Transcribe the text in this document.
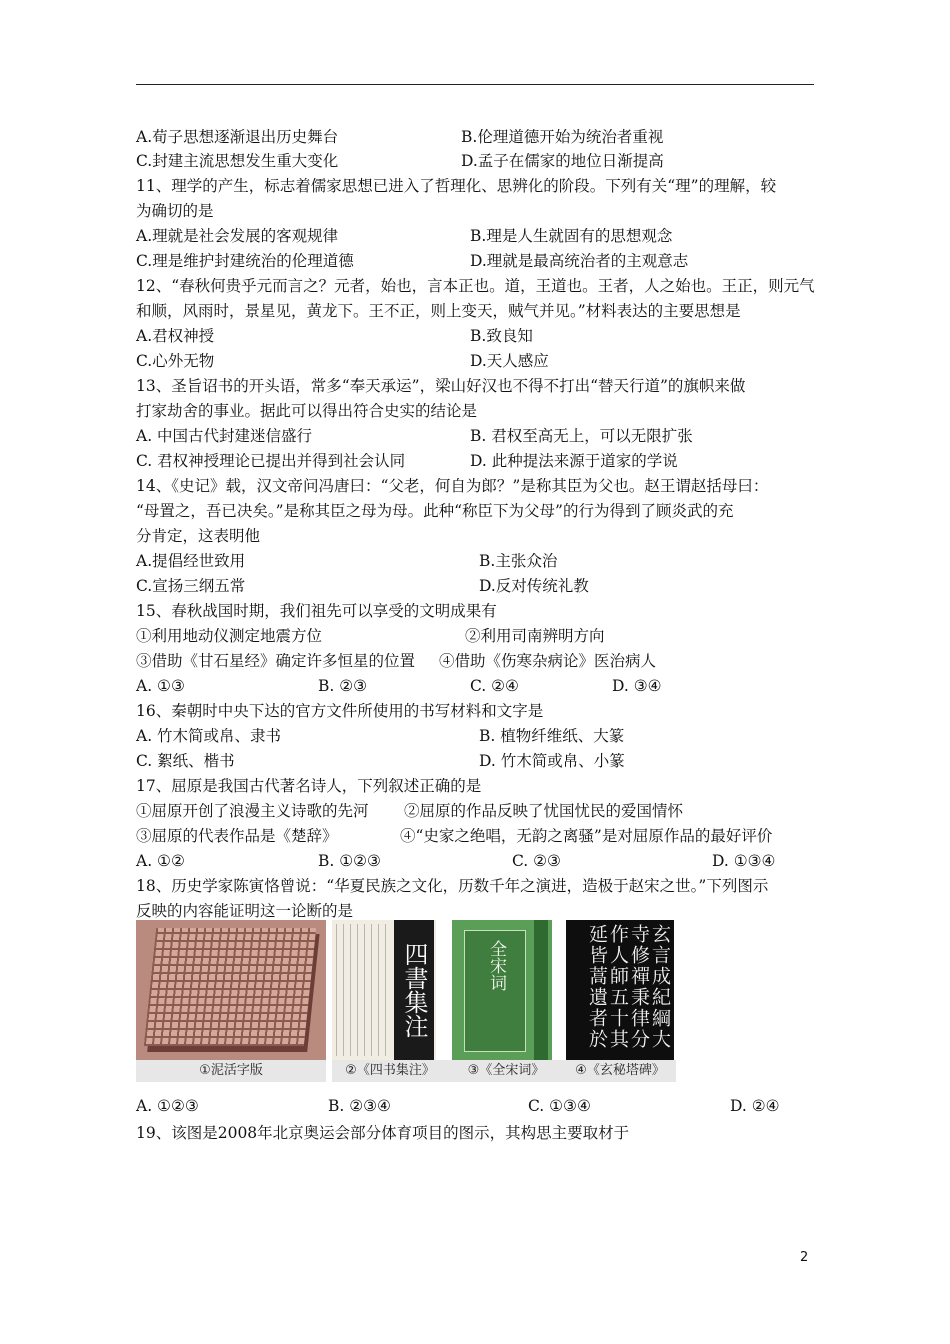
A.荀子思想逐渐退出历史舞台	B.伦理道德开始为统治者重视
C.封建主流思想发生重大变化	D.孟子在儒家的地位日渐提高
11、理学的产生，标志着儒家思想已进入了哲理化、思辨化的阶段。下列有关“理”的理解，较
为确切的是
A.理就是社会发展的客观规律	B.理是人生就固有的思想观念
C.理是维护封建统治的伦理道德	D.理就是最高统治者的主观意志
12、“春秋何贵乎元而言之？元者，始也，言本正也。道，王道也。王者，人之始也。王正，则元气
和顺，风雨时，景星见，黄龙下。王不正，则上变天，贼气并见。”材料表达的主要思想是
A.君权神授	B.致良知
C.心外无物	D.天人感应
13、圣旨诏书的开头语，常多“奉天承运”，梁山好汉也不得不打出“替天行道”的旗帜来做
打家劫舍的事业。据此可以得出符合史实的结论是
A. 中国古代封建迷信盛行	B. 君权至高无上，可以无限扩张
C. 君权神授理论已提出并得到社会认同	D. 此种提法来源于道家的学说
14、《史记》载，汉文帝问冯唐曰：“父老，何自为郎？”是称其臣为父也。赵王谓赵括母曰：
“母置之，吾已决矣。”是称其臣之母为母。此种“称臣下为父母”的行为得到了顾炎武的充
分肯定，这表明他
A.提倡经世致用	B.主张众治
C.宣扬三纲五常	D.反对传统礼教
15、春秋战国时期，我们祖先可以享受的文明成果有
①利用地动仪测定地震方位	②利用司南辨明方向
③借助《甘石星经》确定许多恒星的位置 ④借助《伤寒杂病论》医治病人
A. ①③	B. ②③	C. ②④	D. ③④
16、秦朝时中央下达的官方文件所使用的书写材料和文字是
A. 竹木简或帛、隶书	B. 植物纤维纸、大篆
C. 絮纸、楷书	D. 竹木简或帛、小篆
17、屈原是我国古代著名诗人，下列叙述正确的是
①屈原开创了浪漫主义诗歌的先河 ②屈原的作品反映了忧国忧民的爱国情怀
③屈原的代表作品是《楚辞》	④“史家之绝唱，无韵之离骚”是对屈原作品的最好评价
A. ①②	B. ①②③	C. ②③	D. ①③④
18、历史学家陈寅恪曾说：“华夏民族之文化，历数千年之演进，造极于赵宋之世。”下列图示
反映的内容能证明这一论断的是
①泥活字版
四書集注
②《四书集注》
全宋词
③《全宋词》
玄言成紀綱大寺修禪秉律分作人師五十其延皆蒿遺者於
④《玄秘塔碑》
A. ①②③	B. ②③④	C. ①③④	D. ②④
19、该图是2008年北京奥运会部分体育项目的图示，其构思主要取材于
2
